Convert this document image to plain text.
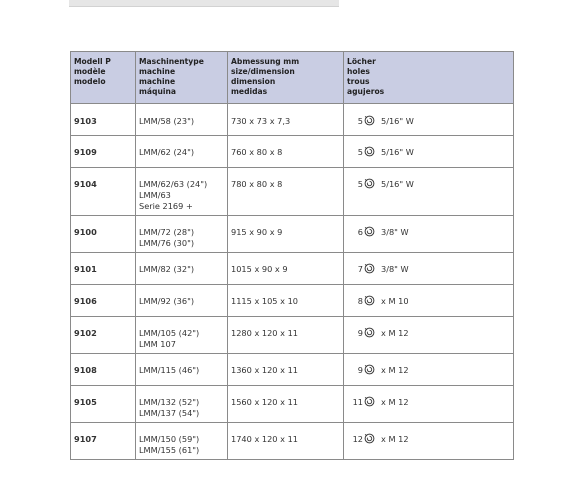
Modell P
modèle
modelo	Maschinentype
machine
machine
máquina	Abmessung mm
size/dimension
dimension
medidas	Löcher
holes
trous
agujeros

9103	LMM/58 (23")	730 x 73 x 7,3	5 5/16" W
9109	LMM/62 (24")	760 x 80 x 8	5 5/16" W
9104	LMM/62/63 (24")
LMM/63
Serie 2169 +	780 x 80 x 8	5 5/16" W
9100	LMM/72 (28")
LMM/76 (30")	915 x 90 x 9	6 3/8" W
9101	LMM/82 (32")	1015 x 90 x 9	7 3/8" W
9106	LMM/92 (36")	1115 x 105 x 10	8 x M 10
9102	LMM/105 (42")
LMM 107	1280 x 120 x 11	9 x M 12
9108	LMM/115 (46")	1360 x 120 x 11	9 x M 12
9105	LMM/132 (52")
LMM/137 (54")	1560 x 120 x 11	11 x M 12
9107	LMM/150 (59")
LMM/155 (61")	1740 x 120 x 11	12 x M 12
